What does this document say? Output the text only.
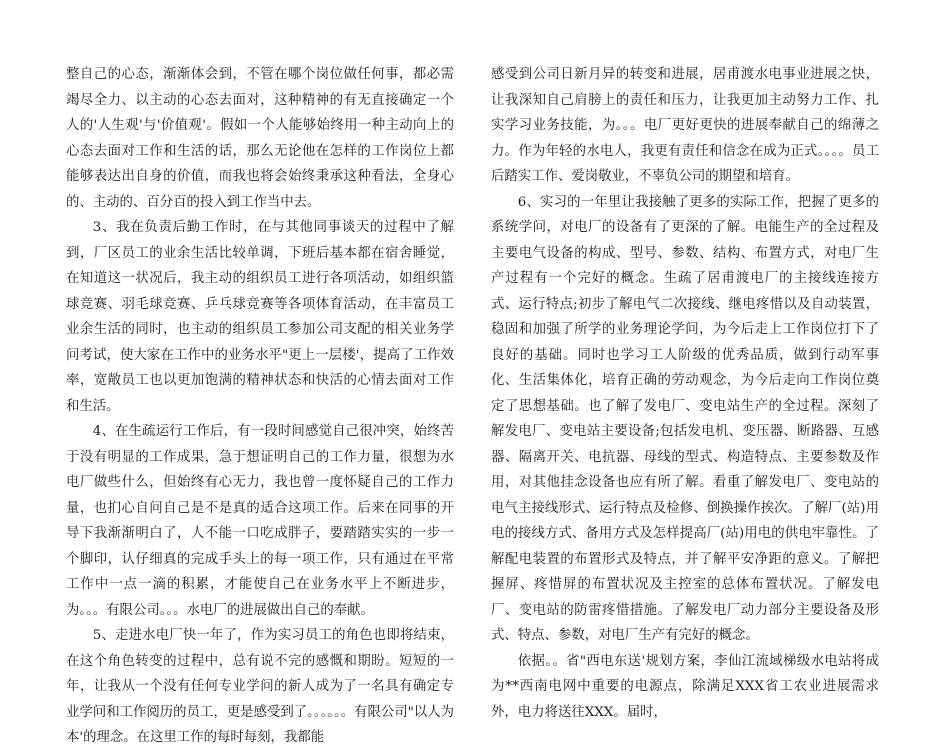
整自己的心态，渐渐体会到，不管在哪个岗位做任何事，都必需竭尽全力、以主动的心态去面对，这种精神的有无直接确定一个人的'人生观'与'价值观'。假如一个人能够始终用一种主动向上的心态去面对工作和生活的话，那么无论他在怎样的工作岗位上都能够表达出自身的价值，而我也将会始终秉承这种看法，全身心的、主动的、百分百的投入到工作当中去。

3、我在负责后勤工作时，在与其他同事谈天的过程中了解到，厂区员工的业余生活比较单调，下班后基本都在宿舍睡觉，在知道这一状况后，我主动的组织员工进行各项活动，如组织篮球竞赛、羽毛球竞赛、乒乓球竞赛等各项体育活动，在丰富员工业余生活的同时，也主动的组织员工参加公司支配的相关业务学问考试，使大家在工作中的业务水平"更上一层楼'，提高了工作效率，宽敞员工也以更加饱满的精神状态和快活的心情去面对工作和生活。

4、在生疏运行工作后，有一段时间感觉自己很冲突，始终苦于没有明显的工作成果，急于想证明自己的工作力量，很想为水电厂做些什么，但始终有心无力，我也曾一度怀疑自己的工作力量，也扪心自问自己是不是真的适合这项工作。后来在同事的开导下我渐渐明白了，人不能一口吃成胖子，要踏踏实实的一步一个脚印，认仔细真的完成手头上的每一项工作，只有通过在平常工作中一点一滴的积累，才能使自己在业务水平上不断进步，为。。。有限公司。。。水电厂的进展做出自己的奉献。

5、走进水电厂快一年了，作为实习员工的角色也即将结束，在这个角色转变的过程中，总有说不完的感慨和期盼。短短的一年，让我从一个没有任何专业学问的新人成为了一名具有确定专业学问和工作阅历的员工，更是感受到了。。。。。。有限公司"以人为本'的理念。在这里工作的每时每刻，我都能

感受到公司日新月异的转变和进展，居甫渡水电事业进展之快，让我深知自己肩膀上的责任和压力，让我更加主动努力工作、扎实学习业务技能，为。。。电厂更好更快的进展奉献自己的绵薄之力。作为年轻的水电人，我更有责任和信念在成为正式。。。。员工后踏实工作、爱岗敬业，不辜负公司的期望和培育。

6、实习的一年里让我接触了更多的实际工作，把握了更多的系统学问，对电厂的设备有了更深的了解。电能生产的全过程及主要电气设备的构成、型号、参数、结构、布置方式，对电厂生产过程有一个完好的概念。生疏了居甫渡电厂的主接线连接方式、运行特点;初步了解电气二次接线、继电疼惜以及自动装置，稳固和加强了所学的业务理论学问，为今后走上工作岗位打下了良好的基础。同时也学习工人阶级的优秀品质，做到行动军事化、生活集体化，培育正确的劳动观念，为今后走向工作岗位奠定了思想基础。也了解了发电厂、变电站生产的全过程。深刻了解发电厂、变电站主要设备;包括发电机、变压器、断路器、互感器、隔离开关、电抗器、母线的型式、构造特点、主要参数及作用，对其他挂念设备也应有所了解。看重了解发电厂、变电站的电气主接线形式、运行特点及检修、倒换操作挨次。了解厂(站)用电的接线方式、备用方式及怎样提高厂(站)用电的供电牢靠性。了解配电装置的布置形式及特点，并了解平安净距的意义。了解把握屏、疼惜屏的布置状况及主控室的总体布置状况。了解发电厂、变电站的防雷疼惜措施。了解发电厂动力部分主要设备及形式、特点、参数，对电厂生产有完好的概念。

依据。。省"西电东送'规划方案，李仙江流域梯级水电站将成为**西南电网中重要的电源点，除满足XXX省工农业进展需求外，电力将送往XXX。届时，
